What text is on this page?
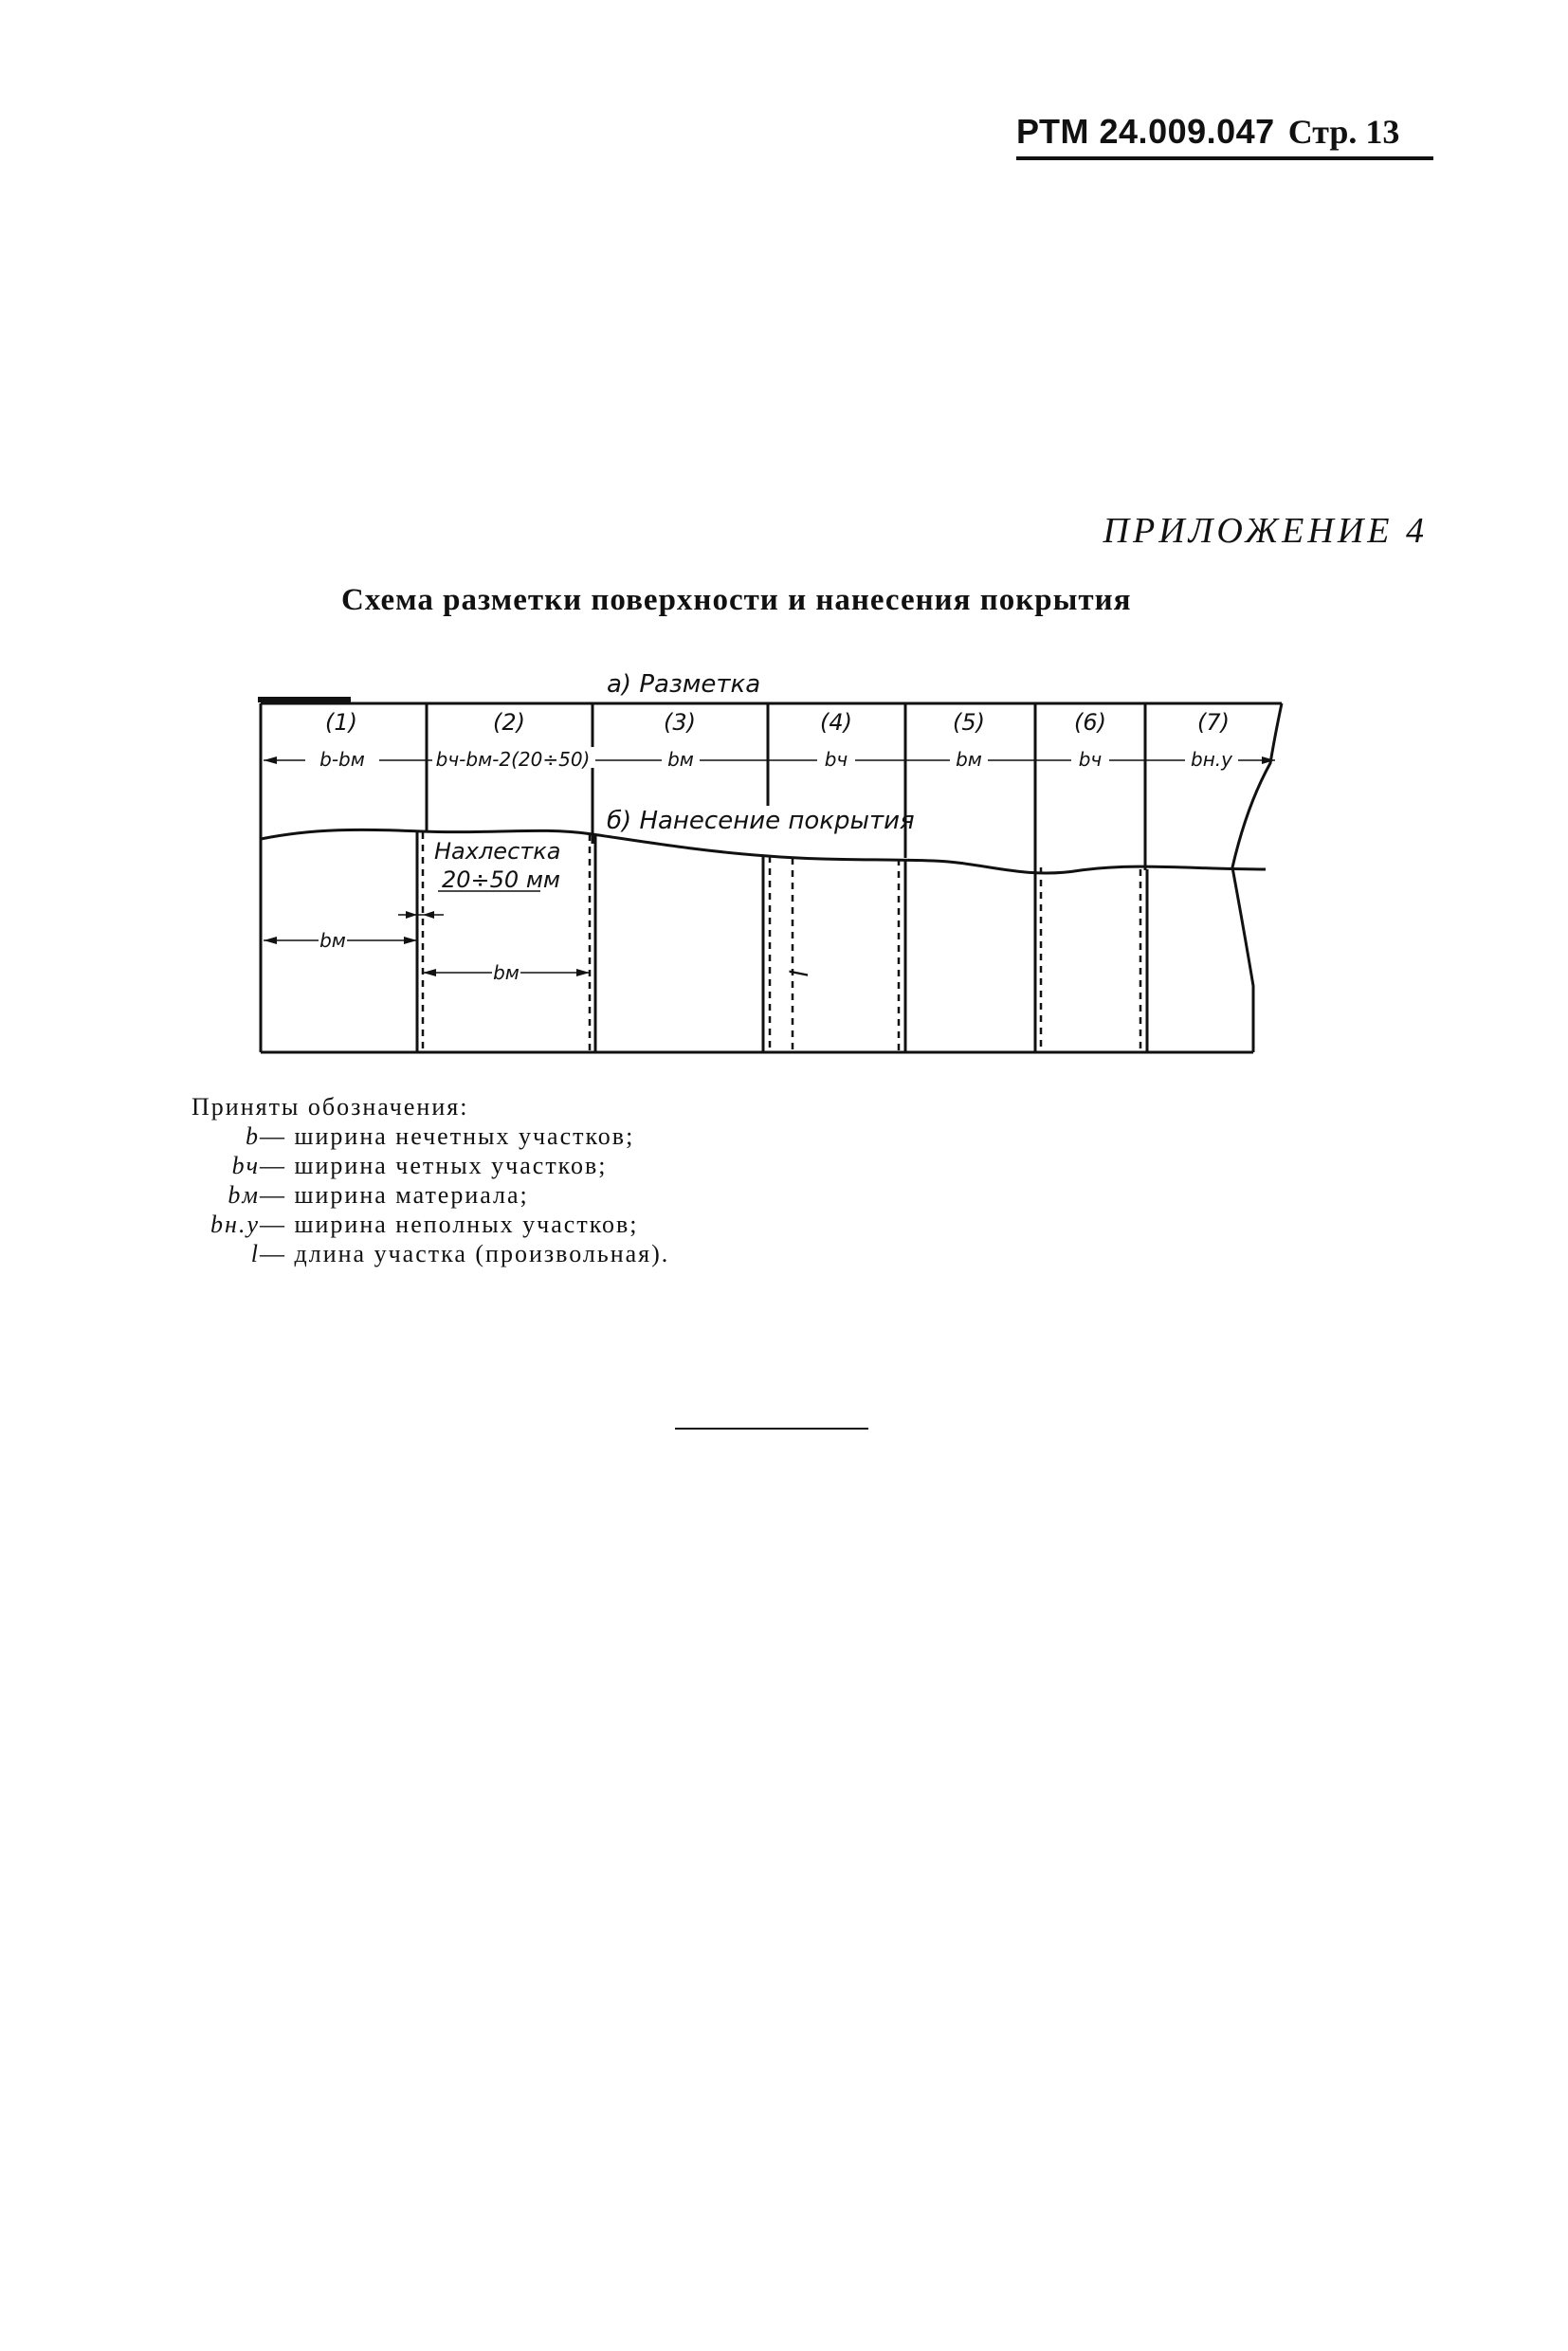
РТМ 24.009.047 Стр. 13
ПРИЛОЖЕНИЕ 4
Схема разметки поверхности и нанесения покрытия
а) Разметка
б) Нанесение покрытия
(1)	(2)	(3)	(4)	(5)	(6)	(7)
b-bм	bч-bм-2(20÷50)	bм	bч	bм	bч	bн.у
Нахлестка
20÷50 мм
bм
bм	l
Приняты обозначения:
b — ширина нечетных участков;
bч — ширина четных участков;
bм — ширина материала;
bн.у — ширина неполных участков;
l — длина участка (произвольная).
